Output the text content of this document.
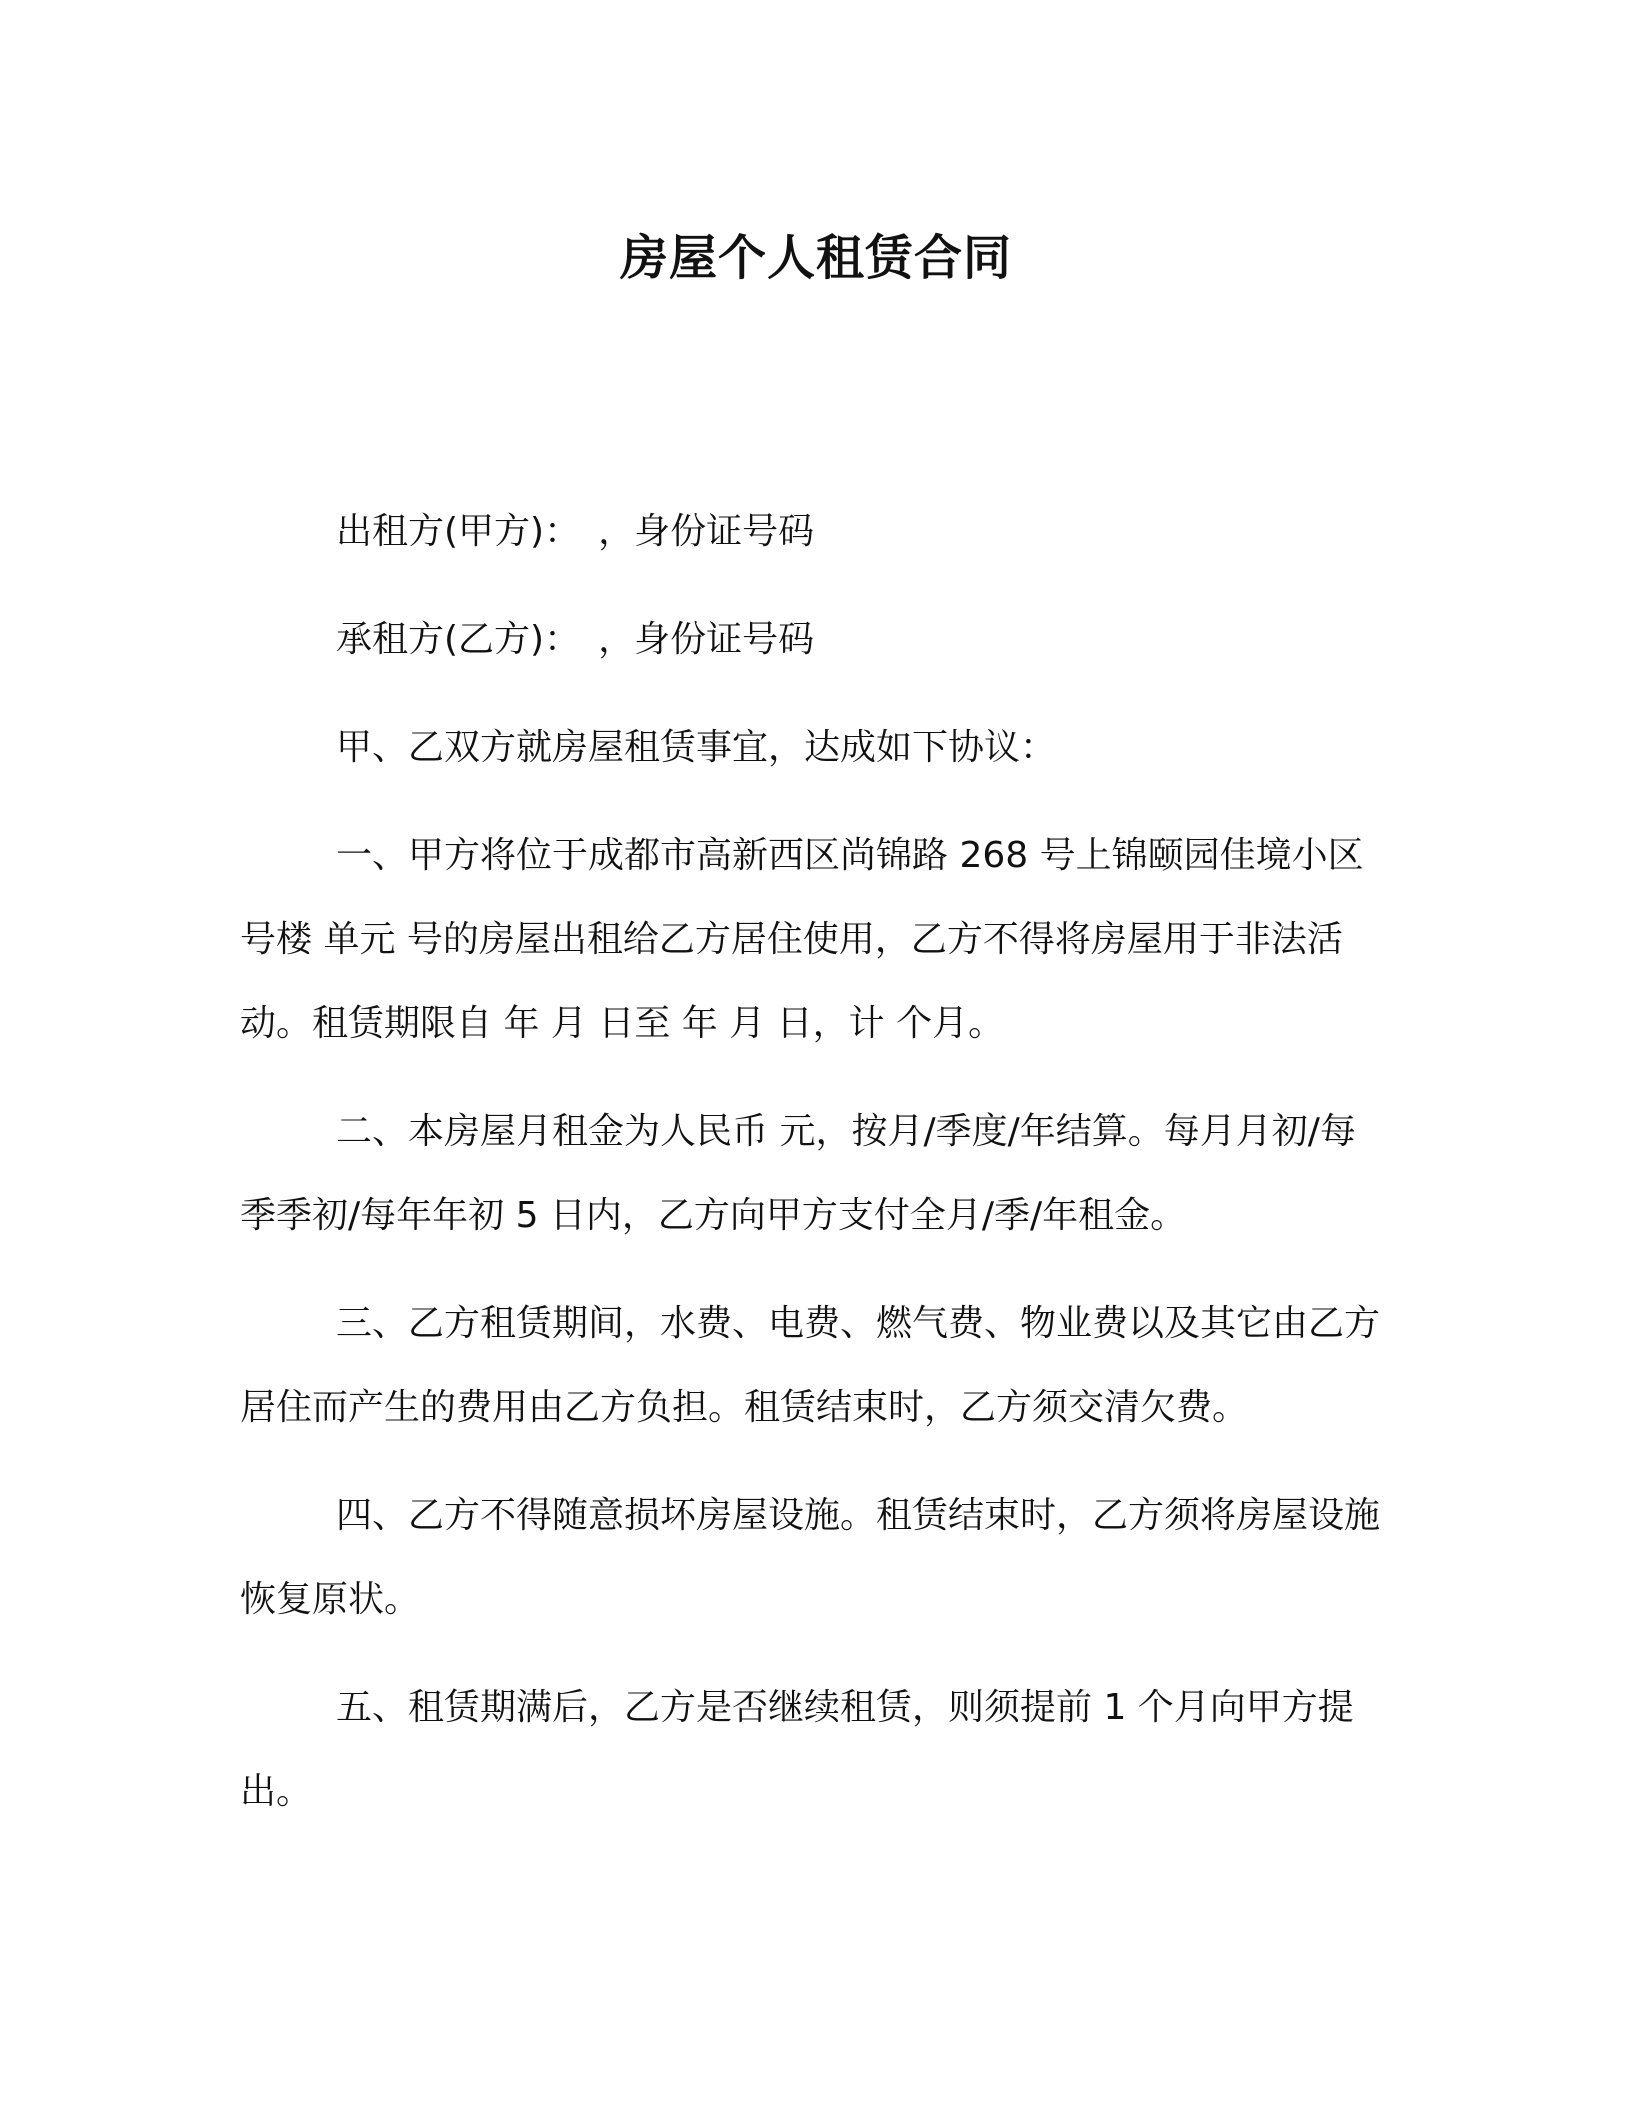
房屋个人租赁合同

出租方(甲方)：　，身份证号码

承租方(乙方)：　，身份证号码

甲、乙双方就房屋租赁事宜，达成如下协议：

一、甲方将位于成都市高新西区尚锦路 268 号上锦颐园佳境小区 号楼 单元 号的房屋出租给乙方居住使用，乙方不得将房屋用于非法活动。租赁期限自 年 月 日至 年 月 日，计 个月。

二、本房屋月租金为人民币 元，按月/季度/年结算。每月月初/每季季初/每年年初 5 日内，乙方向甲方支付全月/季/年租金。

三、乙方租赁期间，水费、电费、燃气费、物业费以及其它由乙方居住而产生的费用由乙方负担。租赁结束时，乙方须交清欠费。

四、乙方不得随意损坏房屋设施。租赁结束时，乙方须将房屋设施恢复原状。

五、租赁期满后，乙方是否继续租赁，则须提前 1 个月向甲方提出。
